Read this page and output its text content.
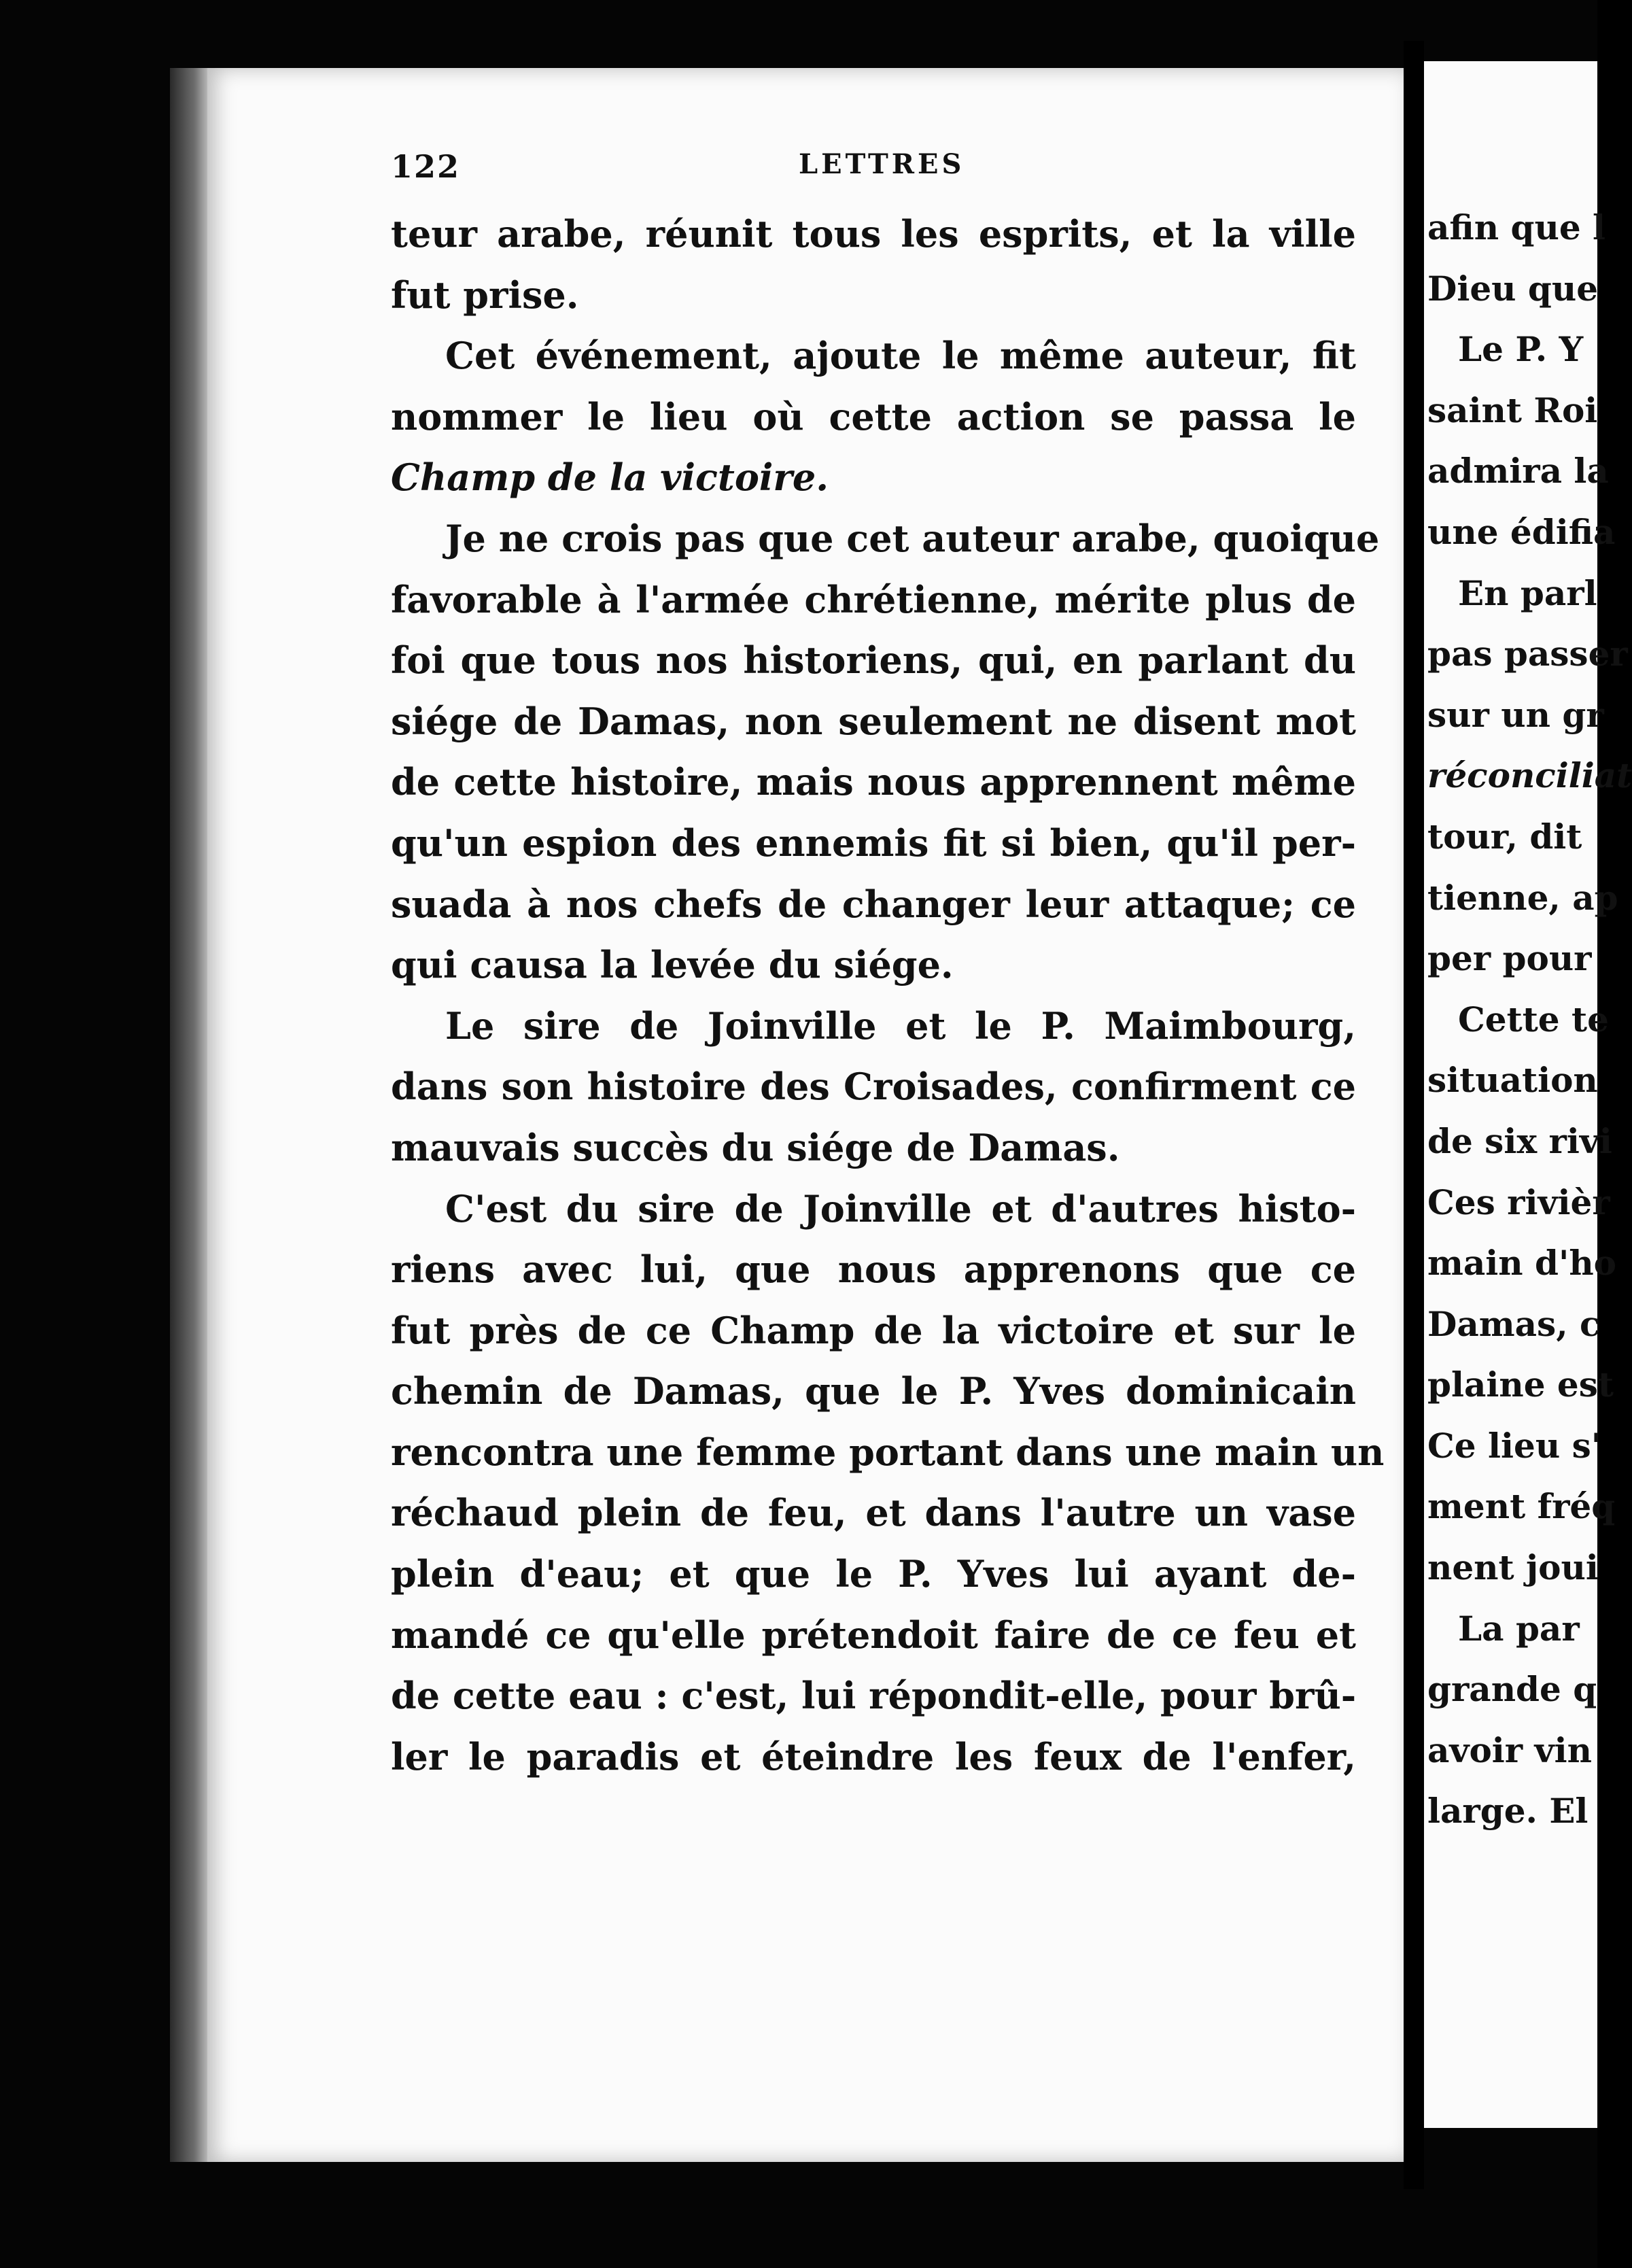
122	LETTRES
teur arabe, réunit tous les esprits, et la ville
fut prise.
Cet événement, ajoute le même auteur, fit
nommer le lieu où cette action se passa le
Champ de la victoire.
Je ne crois pas que cet auteur arabe, quoique
favorable à l'armée chrétienne, mérite plus de
foi que tous nos historiens, qui, en parlant du
siége de Damas, non seulement ne disent mot
de cette histoire, mais nous apprennent même
qu'un espion des ennemis fit si bien, qu'il per-
suada à nos chefs de changer leur attaque; ce
qui causa la levée du siége.
Le sire de Joinville et le P. Maimbourg,
dans son histoire des Croisades, confirment ce
mauvais succès du siége de Damas.
C'est du sire de Joinville et d'autres histo-
riens avec lui, que nous apprenons que ce
fut près de ce Champ de la victoire et sur le
chemin de Damas, que le P. Yves dominicain
rencontra une femme portant dans une main un
réchaud plein de feu, et dans l'autre un vase
plein d'eau; et que le P. Yves lui ayant de-
mandé ce qu'elle prétendoit faire de ce feu et
de cette eau : c'est, lui répondit-elle, pour brû-
ler le paradis et éteindre les feux de l'enfer,
afin que l
Dieu que
Le P. Y
saint Roi
admira la
une édifia
En parl
pas passer
sur un gr
réconciliat
tour, dit
tienne, ap
per pour
Cette te
situation
de six rivi
Ces rivièr
main d'ho
Damas, c
plaine est
Ce lieu s'
ment fréq
nent joui
La par
grande q
avoir vin
large. El
